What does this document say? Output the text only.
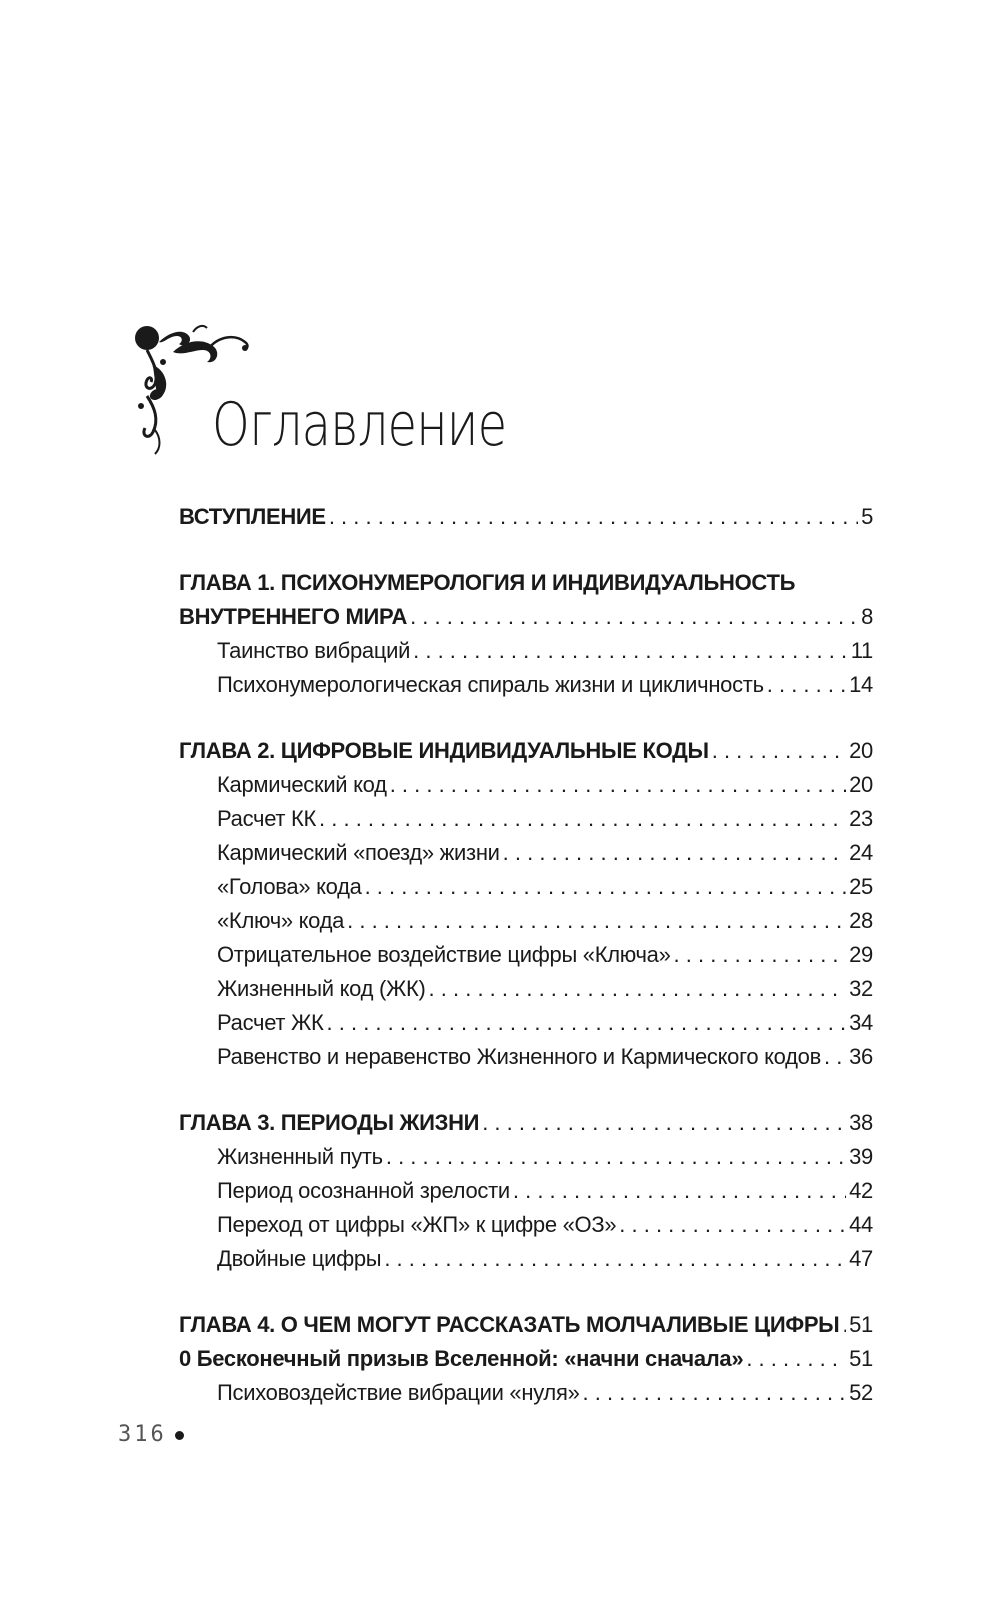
Оглавление
ВСТУПЛЕНИЕ . . .	5
ГЛАВА 1. ПСИХОНУМЕРОЛОГИЯ И ИНДИВИДУАЛЬНОСТЬ
ВНУТРЕННЕГО МИРА . . .	8
Таинство вибраций . . .	11
Психонумерологическая спираль жизни и цикличность . . .	14
ГЛАВА 2. ЦИФРОВЫЕ ИНДИВИДУАЛЬНЫЕ КОДЫ . . .	20
Кармический код . . .	20
Расчет КК . . .	23
Кармический «поезд» жизни . . .	24
«Голова» кода . . .	25
«Ключ» кода . . .	28
Отрицательное воздействие цифры «Ключа» . . .	29
Жизненный код (ЖК) . . .	32
Расчет ЖК . . .	34
Равенство и неравенство Жизненного и Кармического кодов . . . 36
ГЛАВА 3. ПЕРИОДЫ ЖИЗНИ . . .	38
Жизненный путь . . .	39
Период осознанной зрелости . . .	42
Переход от цифры «ЖП» к цифре «ОЗ» . . .	44
Двойные цифры . . .	47
ГЛАВА 4. О ЧЕМ МОГУТ РАССКАЗАТЬ МОЛЧАЛИВЫЕ ЦИФРЫ . . . 51
0 Бесконечный призыв Вселенной: «начни сначала» . . .	51
Психовоздействие вибрации «нуля» . . .	52
316
